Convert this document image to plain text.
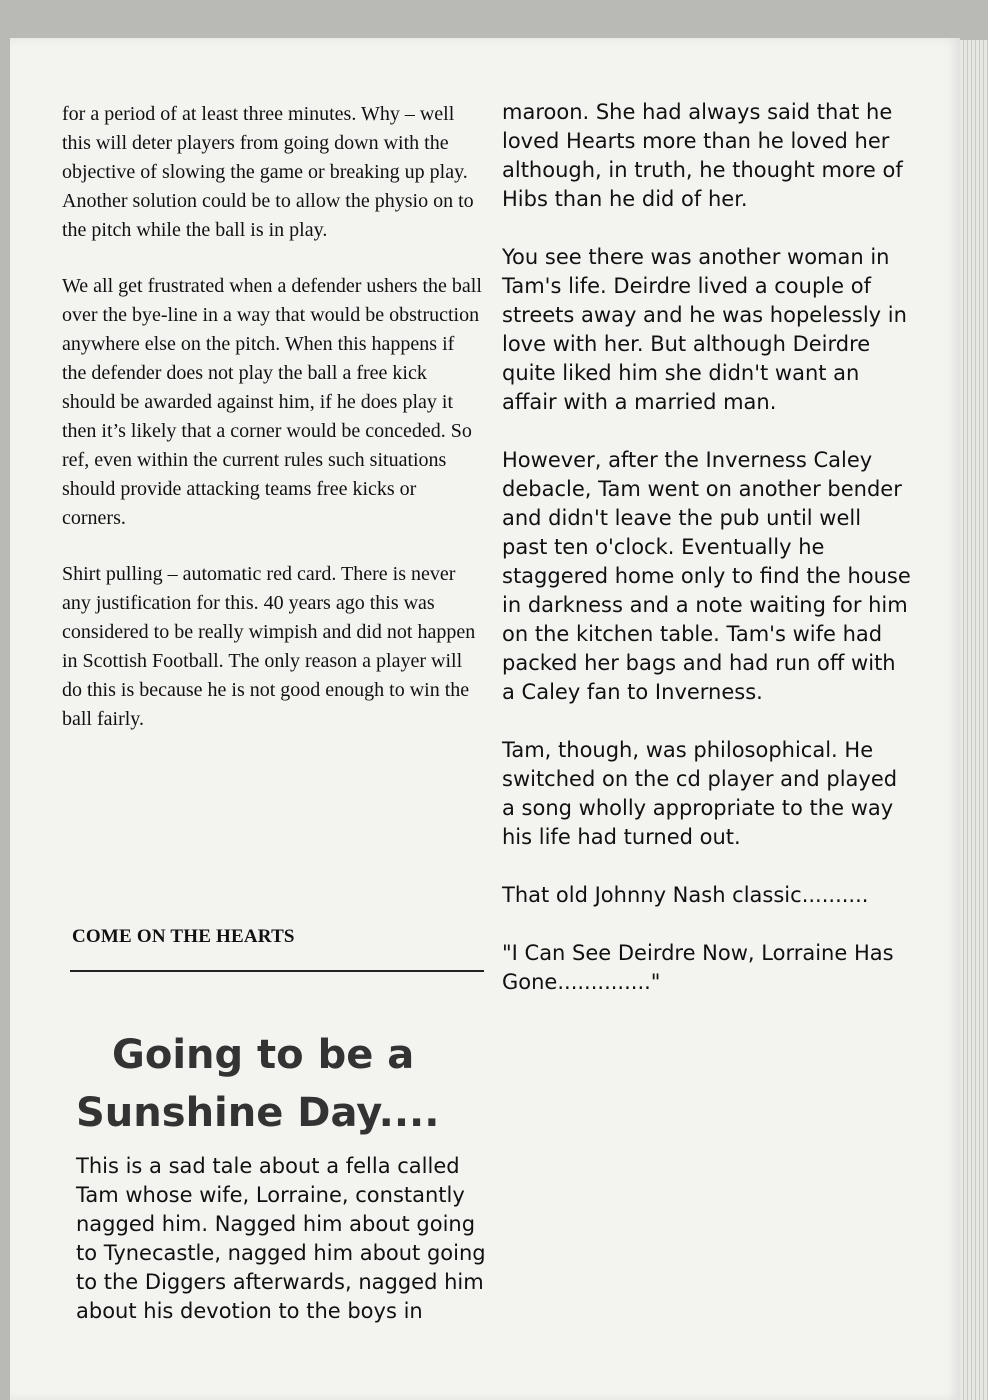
for a period of at least three minutes. Why – well this will deter players from going down with the objective of slowing the game or breaking up play. Another solution could be to allow the physio on to the pitch while the ball is in play.

We all get frustrated when a defender ushers the ball over the bye-line in a way that would be obstruction anywhere else on the pitch. When this happens if the defender does not play the ball a free kick should be awarded against him, if he does play it then it’s likely that a corner would be conceded. So ref, even within the current rules such situations should provide attacking teams free kicks or corners.

Shirt pulling – automatic red card. There is never any justification for this. 40 years ago this was considered to be really wimpish and did not happen in Scottish Football. The only reason a player will do this is because he is not good enough to win the ball fairly.

COME ON THE HEARTS
Going to be a
Sunshine Day....
This is a sad tale about a fella called Tam whose wife, Lorraine, constantly nagged him. Nagged him about going to Tynecastle, nagged him about going to the Diggers afterwards, nagged him about his devotion to the boys in

maroon. She had always said that he loved Hearts more than he loved her although, in truth, he thought more of Hibs than he did of her.

You see there was another woman in Tam's life. Deirdre lived a couple of streets away and he was hopelessly in love with her. But although Deirdre quite liked him she didn't want an affair with a married man.

However, after the Inverness Caley debacle, Tam went on another bender and didn't leave the pub until well past ten o'clock. Eventually he staggered home only to find the house in darkness and a note waiting for him on the kitchen table. Tam's wife had packed her bags and had run off with a Caley fan to Inverness.

Tam, though, was philosophical. He switched on the cd player and played a song wholly appropriate to the way his life had turned out.

That old Johnny Nash classic..........

"I Can See Deirdre Now, Lorraine Has Gone.............."
